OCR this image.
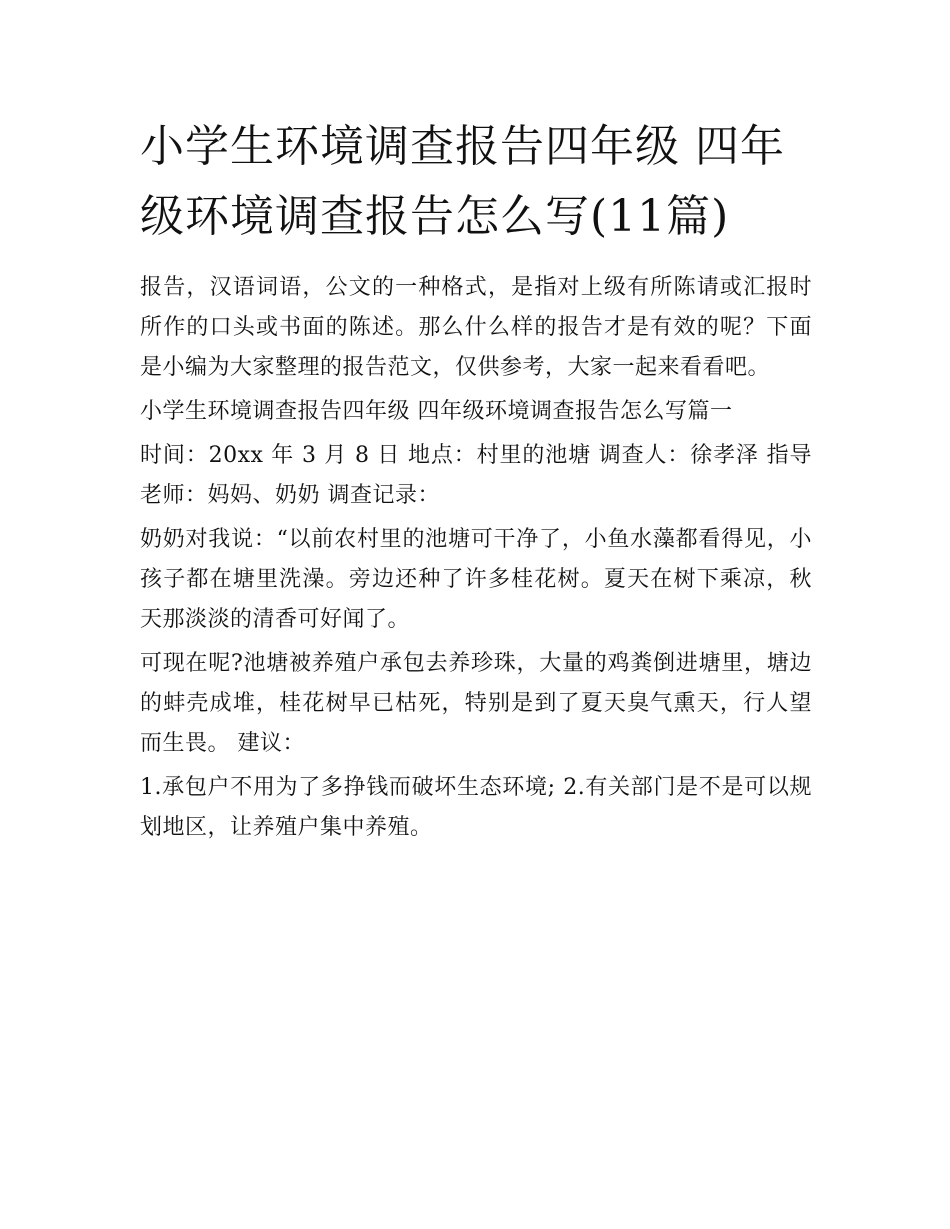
小学生环境调查报告四年级 四年级环境调查报告怎么写(11篇)

报告，汉语词语，公文的一种格式，是指对上级有所陈请或汇报时所作的口头或书面的陈述。那么什么样的报告才是有效的呢？下面是小编为大家整理的报告范文，仅供参考，大家一起来看看吧。

小学生环境调查报告四年级 四年级环境调查报告怎么写篇一

时间：20xx 年 3 月 8 日 地点：村里的池塘 调查人：徐孝泽 指导老师：妈妈、奶奶 调查记录：

奶奶对我说：“以前农村里的池塘可干净了，小鱼水藻都看得见，小孩子都在塘里洗澡。旁边还种了许多桂花树。夏天在树下乘凉，秋天那淡淡的清香可好闻了。

可现在呢?池塘被养殖户承包去养珍珠，大量的鸡粪倒进塘里，塘边的蚌壳成堆，桂花树早已枯死，特别是到了夏天臭气熏天，行人望而生畏。 建议：

1.承包户不用为了多挣钱而破坏生态环境; 2.有关部门是不是可以规划地区，让养殖户集中养殖。
